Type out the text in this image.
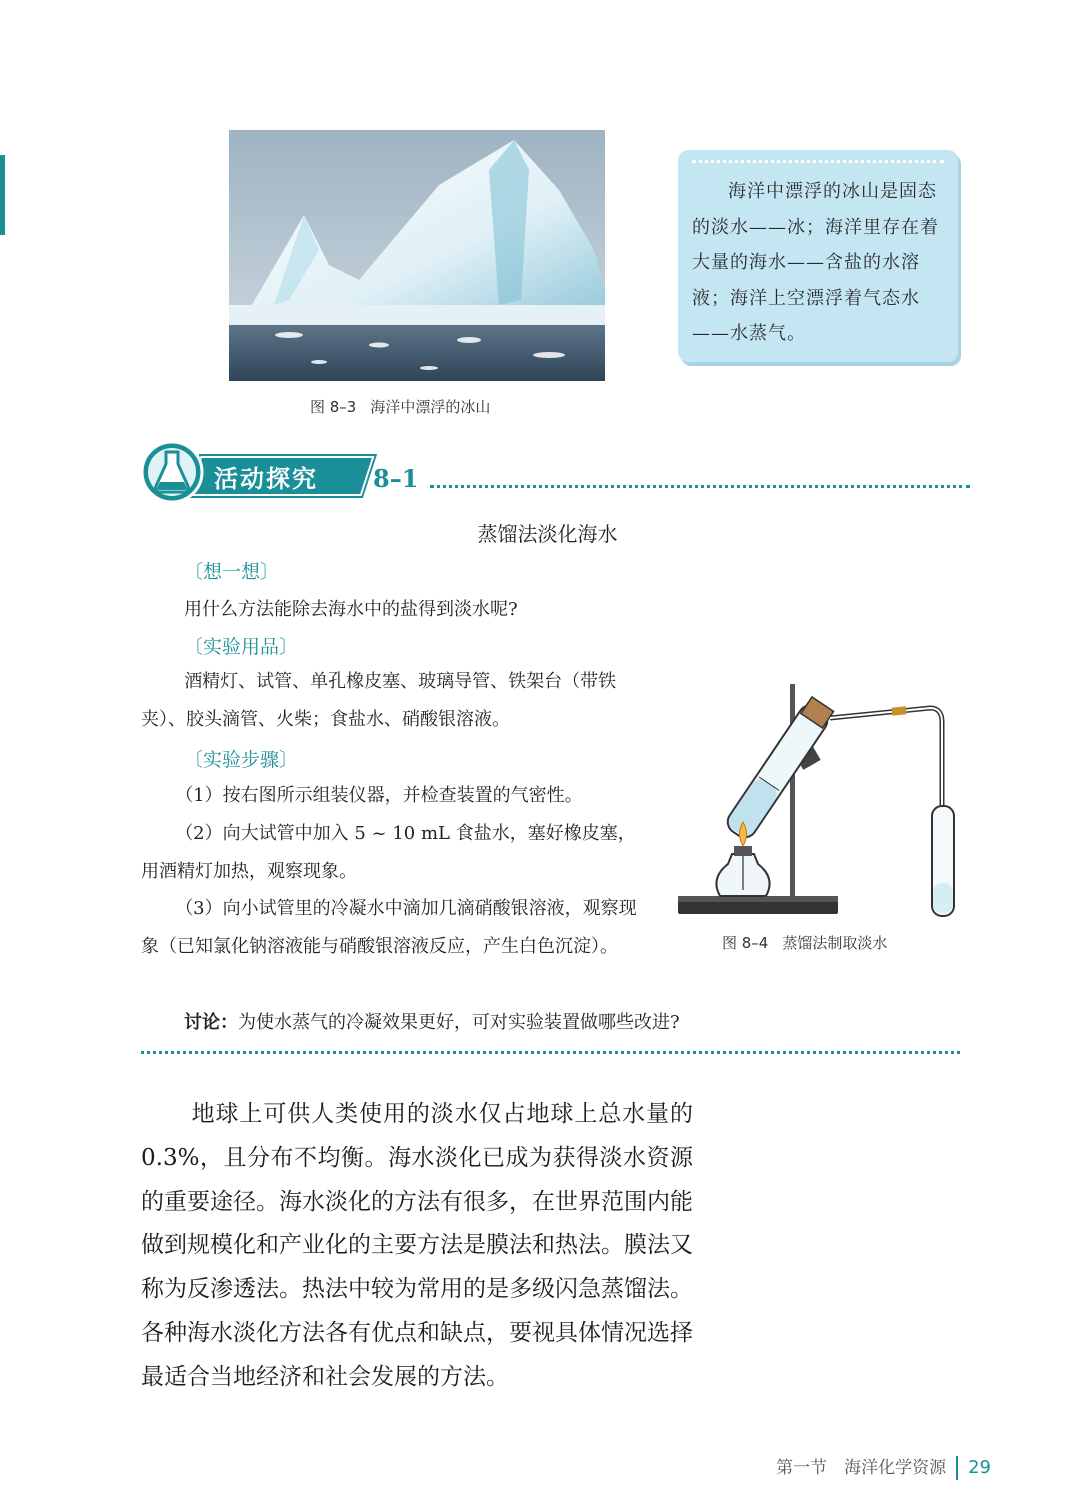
图 8–3 海洋中漂浮的冰山
海洋中漂浮的冰山是固态的淡水——冰；海洋里存在着大量的海水——含盐的水溶液；海洋上空漂浮着气态水——水蒸气。
活动探究 8–1
蒸馏法淡化海水
〔想一想〕
用什么方法能除去海水中的盐得到淡水呢?
〔实验用品〕
酒精灯、试管、单孔橡皮塞、玻璃导管、铁架台（带铁夹）、胶头滴管、火柴；食盐水、硝酸银溶液。
〔实验步骤〕
（1）按右图所示组装仪器，并检查装置的气密性。
（2）向大试管中加入 5 ~ 10 mL 食盐水，塞好橡皮塞，用酒精灯加热，观察现象。
（3）向小试管里的冷凝水中滴加几滴硝酸银溶液，观察现象（已知氯化钠溶液能与硝酸银溶液反应，产生白色沉淀）。	图 8–4 蒸馏法制取淡水
讨论：为使水蒸气的冷凝效果更好，可对实验装置做哪些改进?
地球上可供人类使用的淡水仅占地球上总水量的0.3%，且分布不均衡。海水淡化已成为获得淡水资源的重要途径。海水淡化的方法有很多，在世界范围内能做到规模化和产业化的主要方法是膜法和热法。膜法又称为反渗透法。热法中较为常用的是多级闪急蒸馏法。各种海水淡化方法各有优点和缺点，要视具体情况选择最适合当地经济和社会发展的方法。
第一节　海洋化学资源 29
